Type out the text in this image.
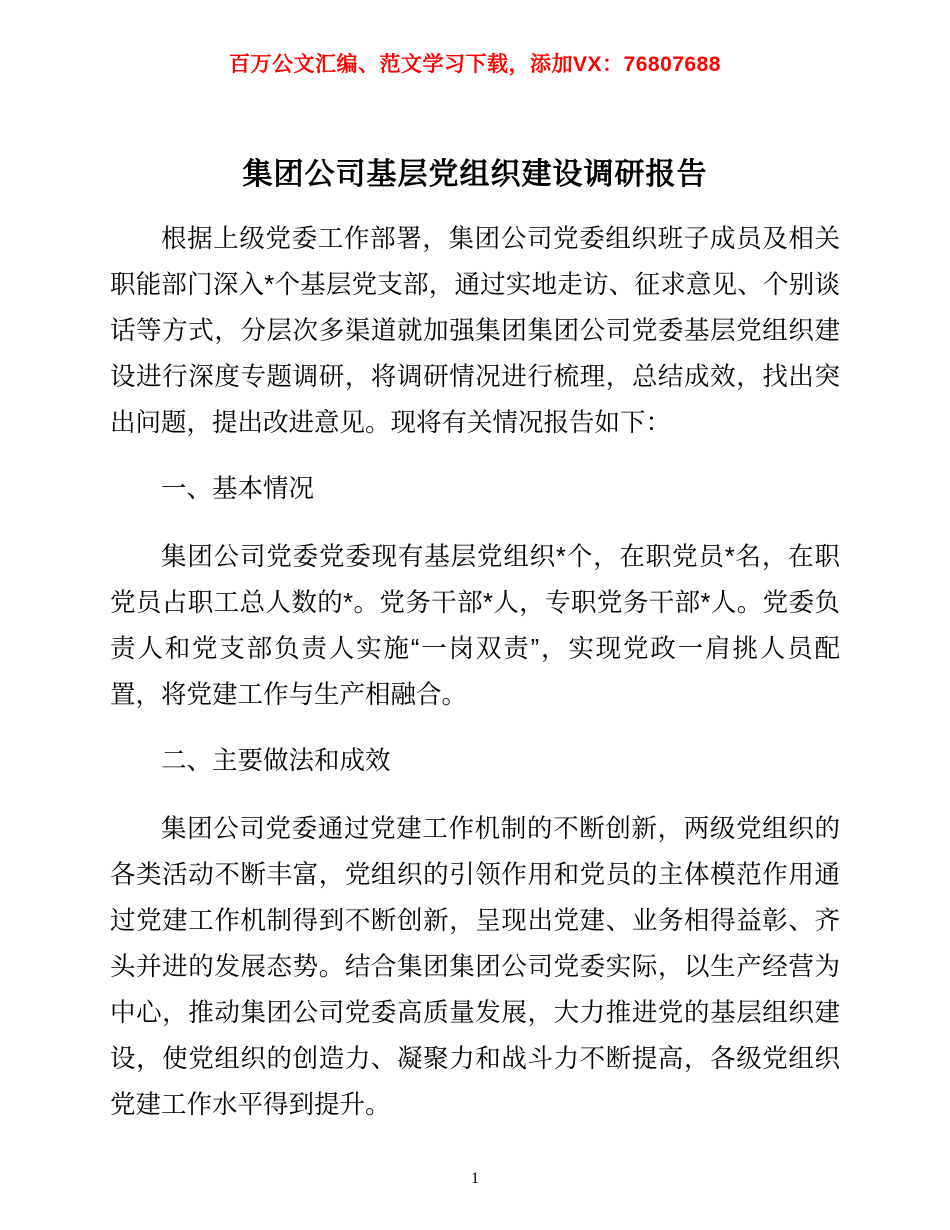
百万公文汇编、范文学习下载，添加VX：76807688
集团公司基层党组织建设调研报告

根据上级党委工作部署，集团公司党委组织班子成员及相关职能部门深入*个基层党支部，通过实地走访、征求意见、个别谈话等方式，分层次多渠道就加强集团集团公司党委基层党组织建设进行深度专题调研，将调研情况进行梳理，总结成效，找出突出问题，提出改进意见。现将有关情况报告如下：

一、基本情况

集团公司党委党委现有基层党组织*个，在职党员*名，在职党员占职工总人数的*。党务干部*人，专职党务干部*人。党委负责人和党支部负责人实施“一岗双责”，实现党政一肩挑人员配置，将党建工作与生产相融合。

二、主要做法和成效

集团公司党委通过党建工作机制的不断创新，两级党组织的各类活动不断丰富，党组织的引领作用和党员的主体模范作用通过党建工作机制得到不断创新，呈现出党建、业务相得益彰、齐头并进的发展态势。结合集团集团公司党委实际，以生产经营为中心，推动集团公司党委高质量发展，大力推进党的基层组织建设，使党组织的创造力、凝聚力和战斗力不断提高，各级党组织党建工作水平得到提升。

1
